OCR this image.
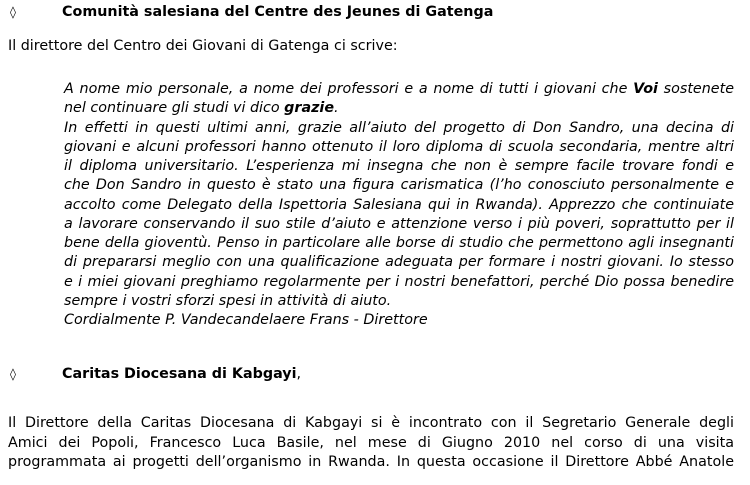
◊	Comunità salesiana del Centre des Jeunes di Gatenga
Il direttore del Centro dei Giovani di Gatenga ci scrive:
A nome mio personale, a nome dei professori e a nome di tutti i giovani che Voi sostenete
nel continuare gli studi vi dico grazie.
In effetti in questi ultimi anni, grazie all’aiuto del progetto di Don Sandro, una decina di
giovani e alcuni professori hanno ottenuto il loro diploma di scuola secondaria, mentre altri
il diploma universitario. L’esperienza mi insegna che non è sempre facile trovare fondi e
che Don Sandro in questo è stato una figura carismatica (l’ho conosciuto personalmente e
accolto come Delegato della Ispettoria Salesiana qui in Rwanda). Apprezzo che continuiate
a lavorare conservando il suo stile d’aiuto e attenzione verso i più poveri, soprattutto per il
bene della gioventù. Penso in particolare alle borse di studio che permettono agli insegnanti
di prepararsi meglio con una qualificazione adeguata per formare i nostri giovani. Io stesso
e i miei giovani preghiamo regolarmente per i nostri benefattori, perché Dio possa benedire
sempre i vostri sforzi spesi in attività di aiuto.
Cordialmente P. Vandecandelaere Frans - Direttore
◊	Caritas Diocesana di Kabgayi,
Il Direttore della Caritas Diocesana di Kabgayi si è incontrato con il Segretario Generale degli
Amici dei Popoli, Francesco Luca Basile, nel mese di Giugno 2010 nel corso di una visita
programmata ai progetti dell’organismo in Rwanda. In questa occasione il Direttore Abbé Anatole
